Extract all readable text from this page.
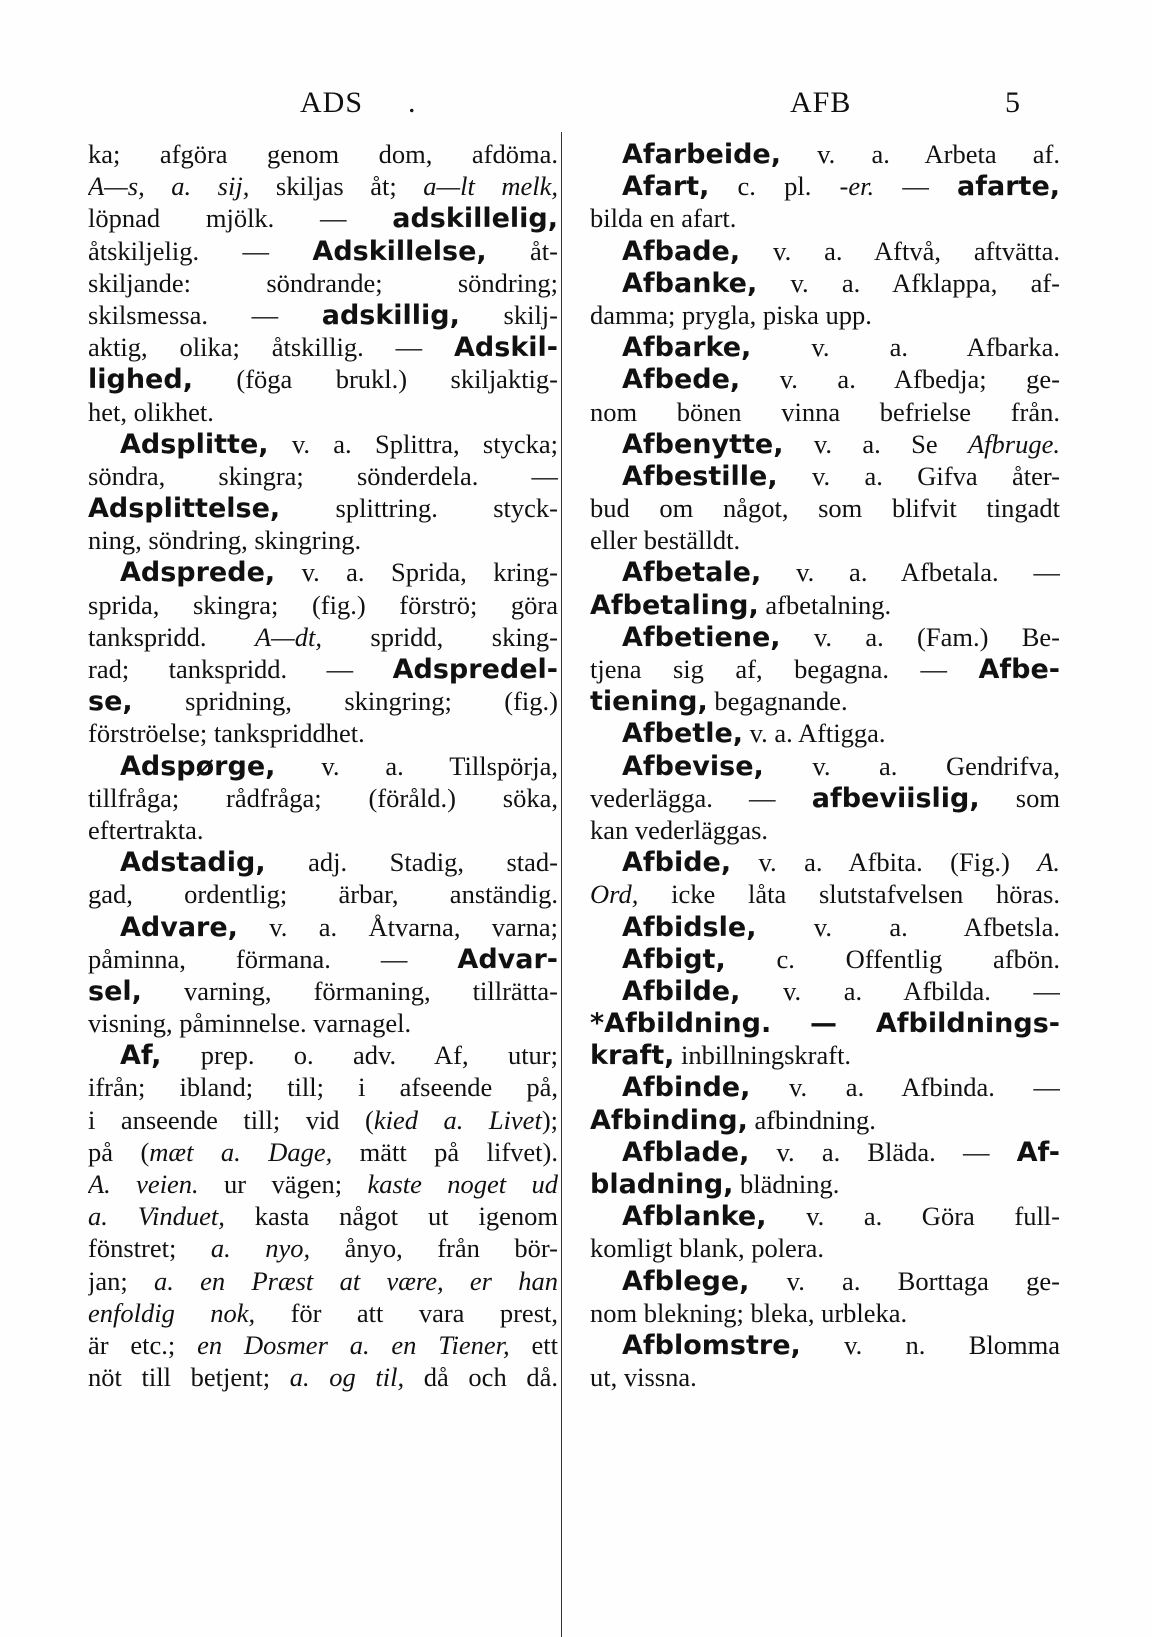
ADS .	AFB	5
ka; afgöra genom dom, afdöma.
A—s, a. sij, skiljas åt; a—lt melk,
löpnad mjölk. — adskillelig,
åtskiljelig. — Adskillelse, åt-
skiljande: söndrande; söndring;
skilsmessa. — adskillig, skilj-
aktig, olika; åtskillig. — Adskil-
lighed, (föga brukl.) skiljaktig-
het, olikhet.
Adsplitte, v. a. Splittra, stycka;
söndra, skingra; sönderdela. —
Adsplittelse, splittring. styck-
ning, söndring, skingring.
Adsprede, v. a. Sprida, kring-
sprida, skingra; (fig.) förströ; göra
tankspridd. A—dt, spridd, sking-
rad; tankspridd. — Adspredel-
se, spridning, skingring; (fig.)
förströelse; tankspriddhet.
Adspørge, v. a. Tillspörja,
tillfråga; rådfråga; (föråld.) söka,
eftertrakta.
Adstadig, adj. Stadig, stad-
gad, ordentlig; ärbar, anständig.
Advare, v. a. Åtvarna, varna;
påminna, förmana. — Advar-
sel, varning, förmaning, tillrätta-
visning, påminnelse. varnagel.
Af, prep. o. adv. Af, utur;
ifrån; ibland; till; i afseende på,
i anseende till; vid (kied a. Livet);
på (mæt a. Dage, mätt på lifvet).
A. veien. ur vägen; kaste noget ud
a. Vinduet, kasta något ut igenom
fönstret; a. nyo, ånyo, från bör-
jan; a. en Præst at være, er han
enfoldig nok, för att vara prest,
är etc.; en Dosmer a. en Tiener, ett
nöt till betjent; a. og til, då och då.
Afarbeide, v. a. Arbeta af.
Afart, c. pl. -er. — afarte,
bilda en afart.
Afbade, v. a. Aftvå, aftvätta.
Afbanke, v. a. Afklappa, af-
damma; prygla, piska upp.
Afbarke, v. a. Afbarka.
Afbede, v. a. Afbedja; ge-
nom bönen vinna befrielse från.
Afbenytte, v. a. Se Afbruge.
Afbestille, v. a. Gifva åter-
bud om något, som blifvit tingadt
eller beställdt.
Afbetale, v. a. Afbetala. —
Afbetaling, afbetalning.
Afbetiene, v. a. (Fam.) Be-
tjena sig af, begagna. — Afbe-
tiening, begagnande.
Afbetle, v. a. Aftigga.
Afbevise, v. a. Gendrifva,
vederlägga. — afbeviislig, som
kan vederläggas.
Afbide, v. a. Afbita. (Fig.) A.
Ord, icke låta slutstafvelsen höras.
Afbidsle, v. a. Afbetsla.
Afbigt, c. Offentlig afbön.
Afbilde, v. a. Afbilda. —
*Afbildning. — Afbildnings-
kraft, inbillningskraft.
Afbinde, v. a. Afbinda. —
Afbinding, afbindning.
Afblade, v. a. Bläda. — Af-
bladning, blädning.
Afblanke, v. a. Göra full-
komligt blank, polera.
Afblege, v. a. Borttaga ge-
nom blekning; bleka, urbleka.
Afblomstre, v. n. Blomma
ut, vissna.
